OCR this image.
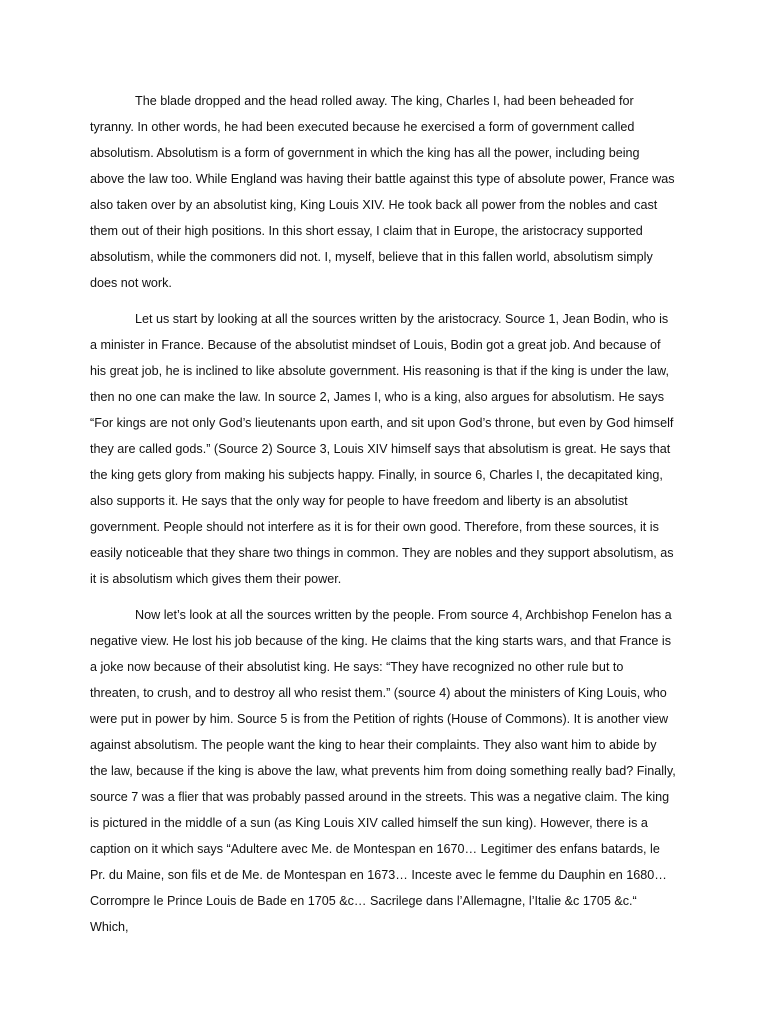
The blade dropped and the head rolled away. The king, Charles I, had been beheaded for tyranny. In other words, he had been executed because he exercised a form of government called absolutism. Absolutism is a form of government in which the king has all the power, including being above the law too. While England was having their battle against this type of absolute power, France was also taken over by an absolutist king, King Louis XIV. He took back all power from the nobles and cast them out of their high positions. In this short essay, I claim that in Europe, the aristocracy supported absolutism, while the commoners did not. I, myself, believe that in this fallen world, absolutism simply does not work.

Let us start by looking at all the sources written by the aristocracy. Source 1, Jean Bodin, who is a minister in France. Because of the absolutist mindset of Louis, Bodin got a great job. And because of his great job, he is inclined to like absolute government. His reasoning is that if the king is under the law, then no one can make the law. In source 2, James I, who is a king, also argues for absolutism. He says “For kings are not only God’s lieutenants upon earth, and sit upon God’s throne, but even by God himself they are called gods.” (Source 2) Source 3, Louis XIV himself says that absolutism is great. He says that the king gets glory from making his subjects happy. Finally, in source 6, Charles I, the decapitated king, also supports it. He says that the only way for people to have freedom and liberty is an absolutist government. People should not interfere as it is for their own good. Therefore, from these sources, it is easily noticeable that they share two things in common. They are nobles and they support absolutism, as it is absolutism which gives them their power.

Now let’s look at all the sources written by the people. From source 4, Archbishop Fenelon has a negative view. He lost his job because of the king. He claims that the king starts wars, and that France is a joke now because of their absolutist king. He says: “They have recognized no other rule but to threaten, to crush, and to destroy all who resist them.” (source 4) about the ministers of King Louis, who were put in power by him. Source 5 is from the Petition of rights (House of Commons). It is another view against absolutism. The people want the king to hear their complaints. They also want him to abide by the law, because if the king is above the law, what prevents him from doing something really bad? Finally, source 7 was a flier that was probably passed around in the streets. This was a negative claim. The king is pictured in the middle of a sun (as King Louis XIV called himself the sun king). However, there is a caption on it which says “Adultere avec Me. de Montespan en 1670… Legitimer des enfans batards, le Pr. du Maine, son fils et de Me. de Montespan en 1673… Inceste avec le femme du Dauphin en 1680… Corrompre le Prince Louis de Bade en 1705 &c… Sacrilege dans l’Allemagne, l’Italie &c 1705 &c.“ Which,
